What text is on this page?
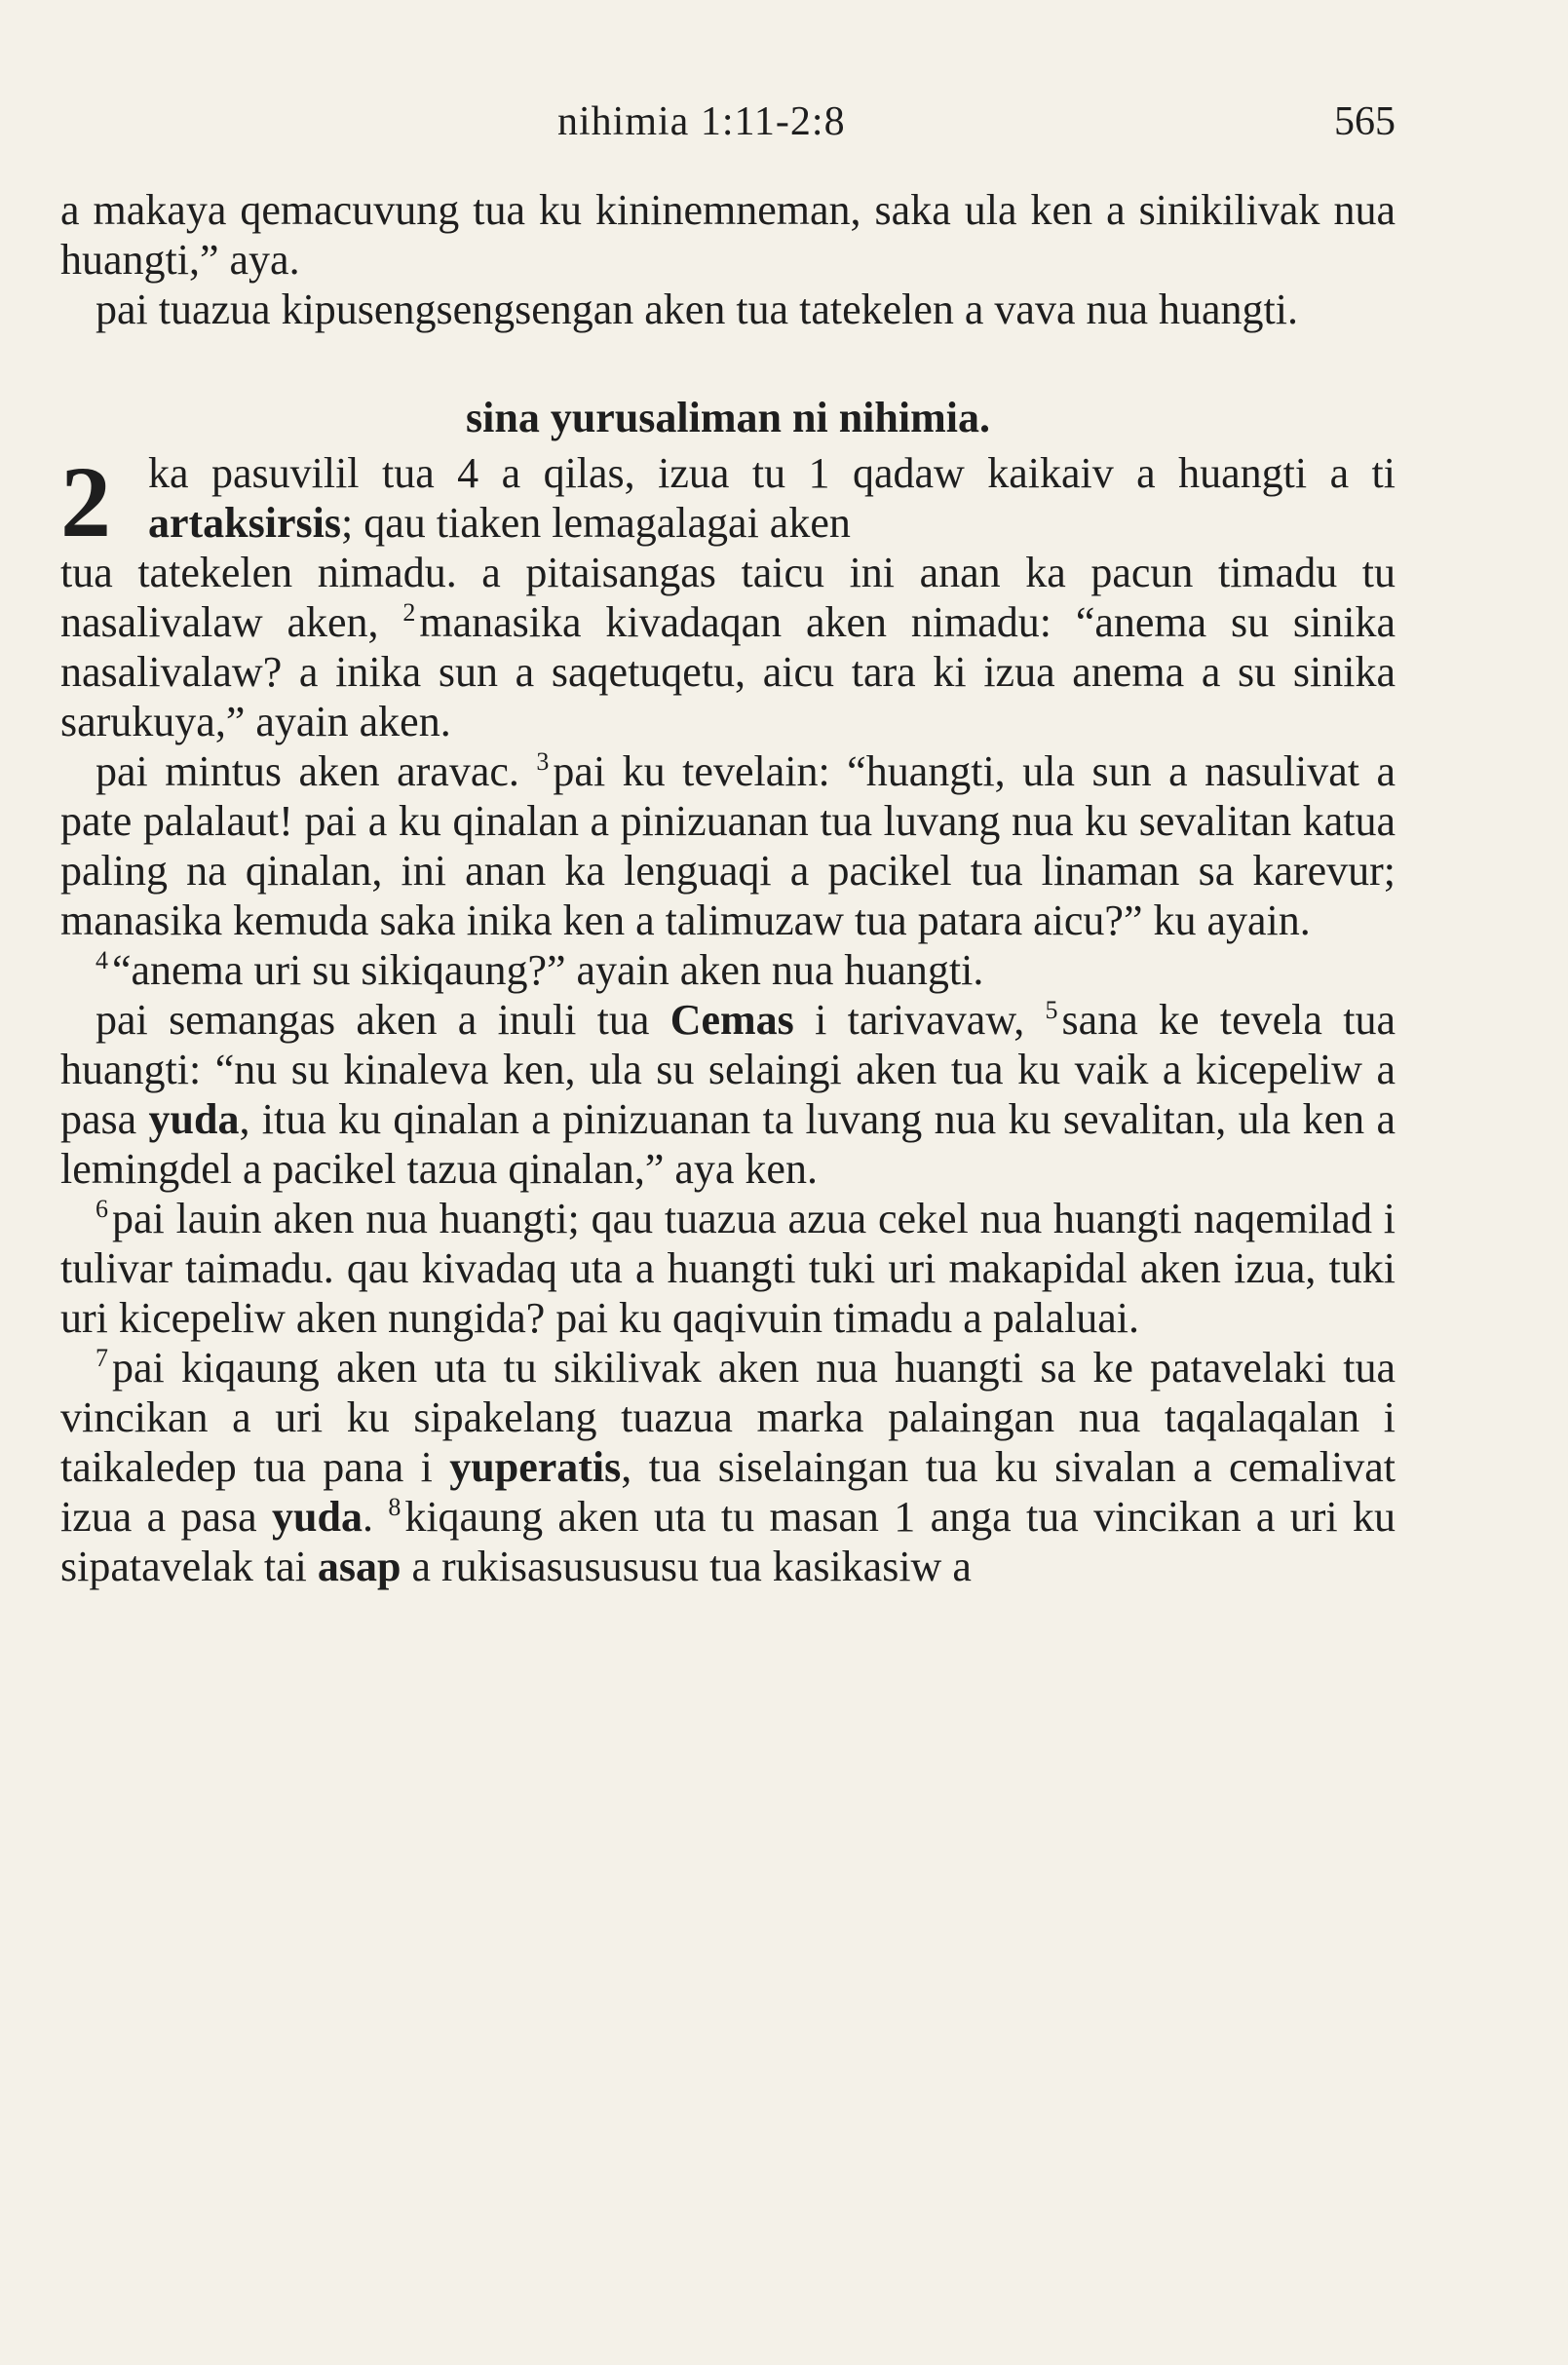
nihimia 1:11-2:8	565

a makaya qemacuvung tua ku kininemneman, saka ula ken a sinikilivak nua huangti,” aya.

pai tuazua kipusengsengsengan aken tua tatekelen a vava nua huangti.

sina yurusaliman ni nihimia.
2 ka pasuvilil tua 4 a qilas, izua tu 1 qadaw kaikaiv a huangti a ti artaksirsis; qau tiaken lemagalagai aken

tua tatekelen nimadu. a pitaisangas taicu ini anan ka pacun timadu tu nasalivalaw aken, $^2$manasika kivadaqan aken nimadu: “anema su sinika nasalivalaw? a inika sun a saqetuqetu, aicu tara ki izua anema a su sinika sarukuya,” ayain aken.

pai mintus aken aravac. $^3$pai ku tevelain: “huangti, ula sun a nasulivat a pate palalaut! pai a ku qinalan a pinizuanan tua luvang nua ku sevalitan katua paling na qinalan, ini anan ka lenguaqi a pacikel tua linaman sa karevur; manasika kemuda saka inika ken a talimuzaw tua patara aicu?” ku ayain.

$^4$“anema uri su sikiqaung?” ayain aken nua huangti.

pai semangas aken a inuli tua Cemas i tarivavaw, $^5$sana ke tevela tua huangti: “nu su kinaleva ken, ula su selaingi aken tua ku vaik a kicepeliw a pasa yuda, itua ku qinalan a pinizuanan ta luvang nua ku sevalitan, ula ken a lemingdel a pacikel tazua qinalan,” aya ken.

$^6$pai lauin aken nua huangti; qau tuazua azua cekel nua huangti naqemilad i tulivar taimadu. qau kivadaq uta a huangti tuki uri makapidal aken izua, tuki uri kicepeliw aken nungida? pai ku qaqivuin timadu a palaluai.

$^7$pai kiqaung aken uta tu sikilivak aken nua huangti sa ke patavelaki tua vincikan a uri ku sipakelang tuazua marka palaingan nua taqalaqalan i taikaledep tua pana i yuperatis, tua siselaingan tua ku sivalan a cemalivat izua a pasa yuda. $^8$kiqaung aken uta tu masan 1 anga tua vincikan a uri ku sipatavelak tai asap a rukisasusususu tua kasikasiw a
